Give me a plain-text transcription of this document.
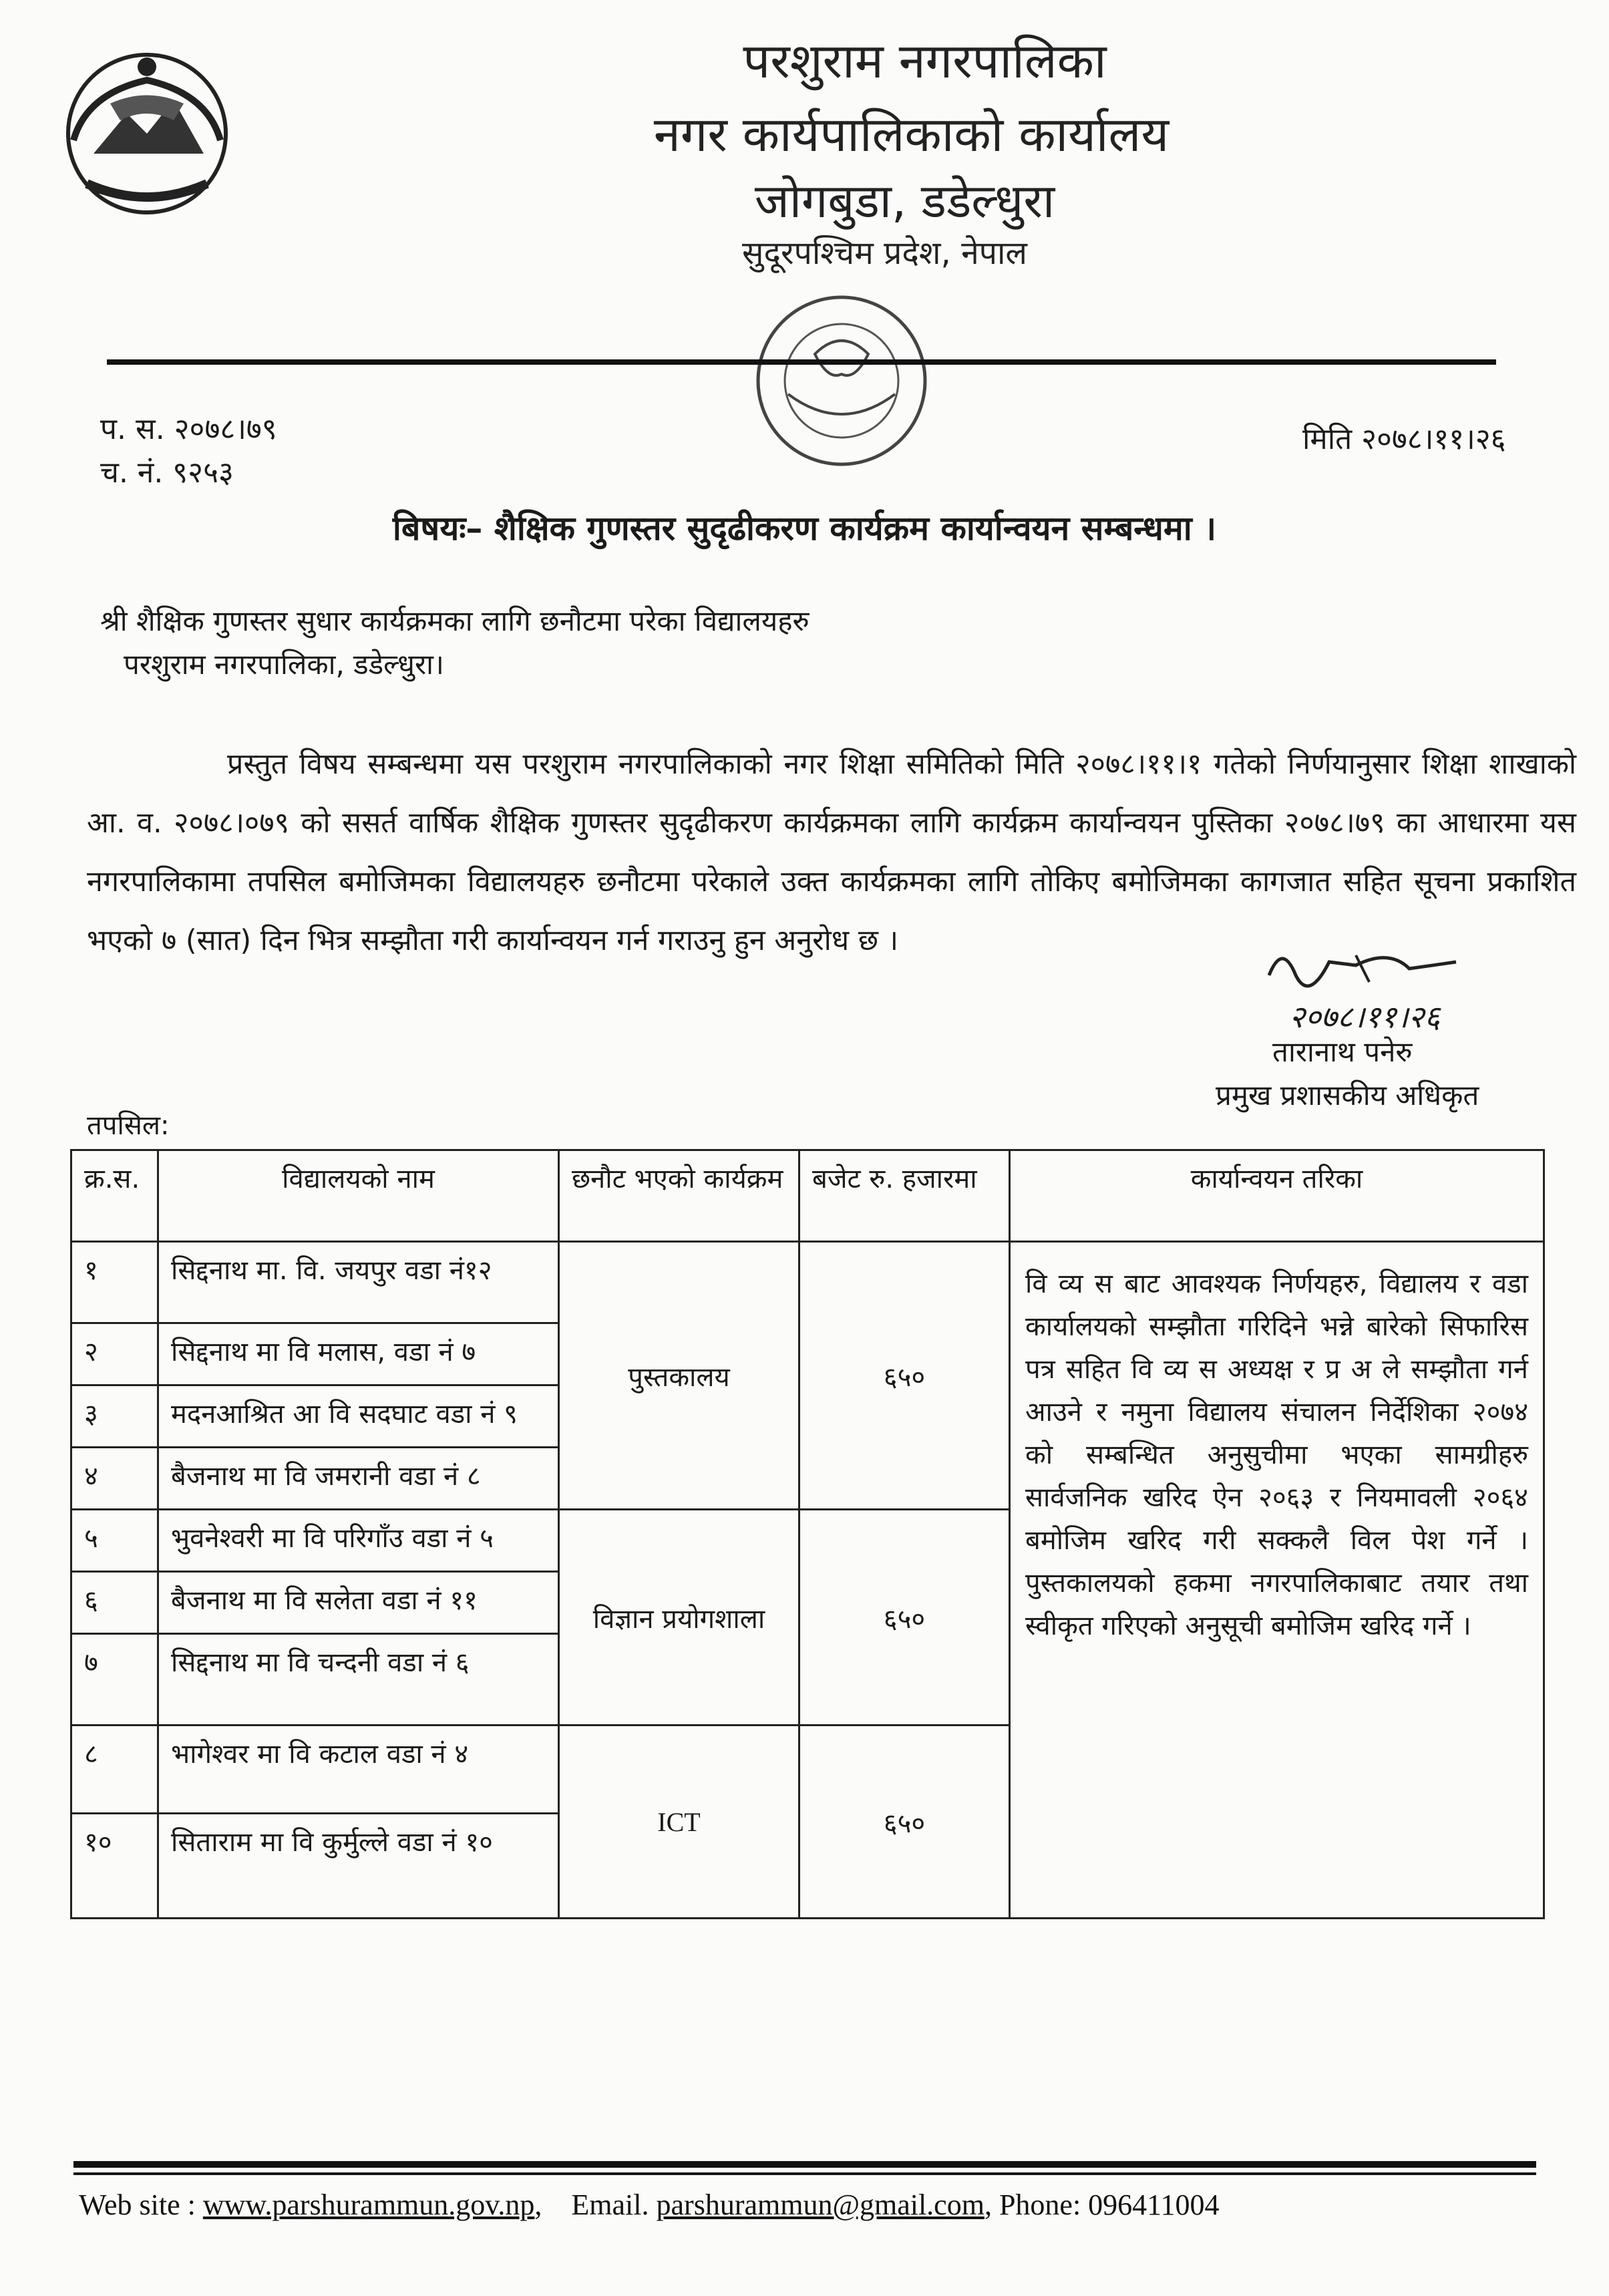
परशुराम नगरपालिका
नगर कार्यपालिकाको कार्यालय
जोगबुडा, डडेल्धुरा
सुदूरपश्चिम प्रदेश, नेपाल
प. स. २०७८।७९
च. नं. ९२५३
मिति २०७८।११।२६
बिषयः– शैक्षिक गुणस्तर सुदृढीकरण कार्यक्रम कार्यान्वयन सम्बन्धमा ।
श्री शैक्षिक गुणस्तर सुधार कार्यक्रमका लागि छनौटमा परेका विद्यालयहरु
परशुराम नगरपालिका, डडेल्धुरा।
प्रस्तुत विषय सम्बन्धमा यस परशुराम नगरपालिकाको नगर शिक्षा समितिको मिति २०७८।११।१ गतेको निर्णयानुसार शिक्षा शाखाको आ. व. २०७८।०७९ को ससर्त वार्षिक शैक्षिक गुणस्तर सुदृढीकरण कार्यक्रमका लागि कार्यक्रम कार्यान्वयन पुस्तिका २०७८।७९ का आधारमा यस नगरपालिकामा तपसिल बमोजिमका विद्यालयहरु छनौटमा परेकाले उक्त कार्यक्रमका लागि तोकिए बमोजिमका कागजात सहित सूचना प्रकाशित भएको ७ (सात) दिन भित्र सम्झौता गरी कार्यान्वयन गर्न गराउनु हुन अनुरोध छ ।
२०७८।११।२६
तारानाथ पनेरु
प्रमुख प्रशासकीय अधिकृत
तपसिल:
क्र.स.	विद्यालयको नाम	छनौट भएको कार्यक्रम	बजेट रु. हजारमा	कार्यान्वयन तरिका
१	सिद्दनाथ मा. वि. जयपुर वडा नं१२	पुस्तकालय	६५०	वि व्य स बाट आवश्यक निर्णयहरु, विद्यालय र वडा कार्यालयको सम्झौता गरिदिने भन्ने बारेको सिफारिस पत्र सहित वि व्य स अध्यक्ष र प्र अ ले सम्झौता गर्न आउने र नमुना विद्यालय संचालन निर्देशिका २०७४ को सम्बन्धित अनुसुचीमा भएका सामग्रीहरु सार्वजनिक खरिद ऐन २०६३ र नियमावली २०६४ बमोजिम खरिद गरी सक्कलै विल पेश गर्ने । पुस्तकालयको हकमा नगरपालिकाबाट तयार तथा स्वीकृत गरिएको अनुसूची बमोजिम खरिद गर्ने ।
२	सिद्दनाथ मा वि मलास, वडा नं ७			
३	मदनआश्रित आ वि सदघाट वडा नं ९			
४	बैजनाथ मा वि जमरानी वडा नं ८			
५	भुवनेश्वरी मा वि परिगाँउ वडा नं ५	विज्ञान प्रयोगशाला	६५०	
६	बैजनाथ मा वि सलेता वडा नं ११			
७	सिद्दनाथ मा वि चन्दनी वडा नं ६			
८	भागेश्वर मा वि कटाल वडा नं ४	ICT	६५०	
१०	सिताराम मा वि कुर्मुल्ले वडा नं १०			
Web site : www.parshurammun.gov.np,    Email. parshurammun@gmail.com, Phone: 096411004
